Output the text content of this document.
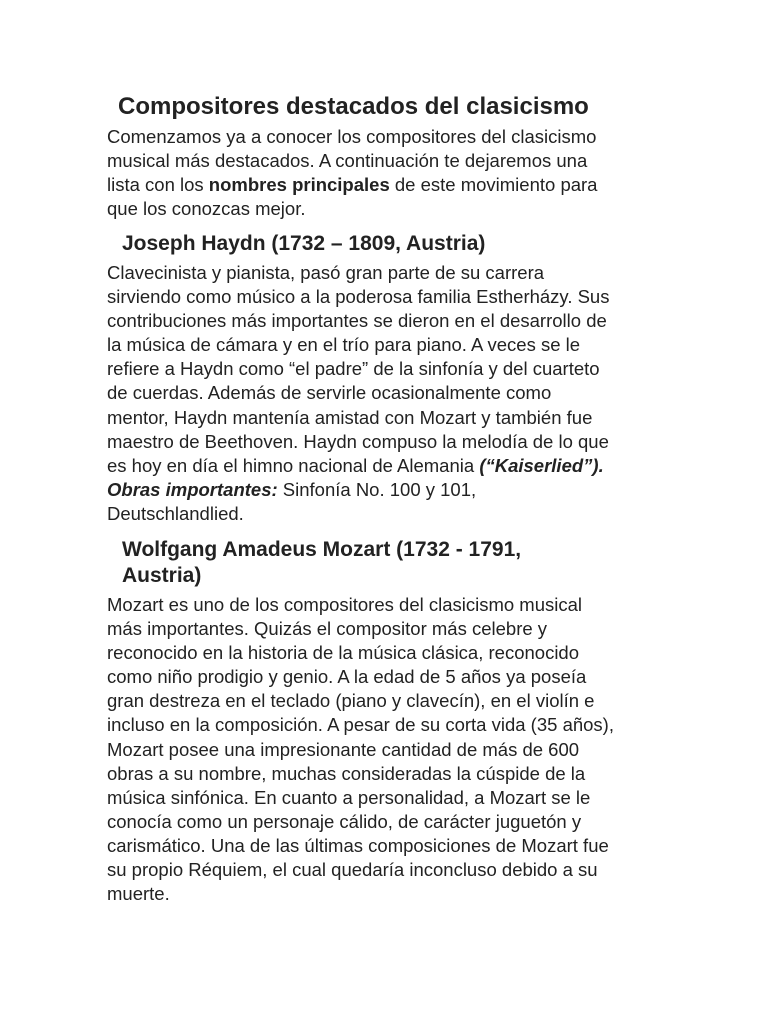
Compositores destacados del clasicismo

Comenzamos ya a conocer los compositores del clasicismo
musical más destacados. A continuación te dejaremos una
lista con los nombres principales de este movimiento para
que los conozcas mejor.

Joseph Haydn (1732 – 1809, Austria)

Clavecinista y pianista, pasó gran parte de su carrera
sirviendo como músico a la poderosa familia Estherházy. Sus
contribuciones más importantes se dieron en el desarrollo de
la música de cámara y en el trío para piano. A veces se le
refiere a Haydn como “el padre” de la sinfonía y del cuarteto
de cuerdas. Además de servirle ocasionalmente como
mentor, Haydn mantenía amistad con Mozart y también fue
maestro de Beethoven. Haydn compuso la melodía de lo que
es hoy en día el himno nacional de Alemania (“Kaiserlied”).
Obras importantes: Sinfonía No. 100 y 101,
Deutschlandlied.

Wolfgang Amadeus Mozart (1732 - 1791,
Austria)

Mozart es uno de los compositores del clasicismo musical
más importantes. Quizás el compositor más celebre y
reconocido en la historia de la música clásica, reconocido
como niño prodigio y genio. A la edad de 5 años ya poseía
gran destreza en el teclado (piano y clavecín), en el violín e
incluso en la composición. A pesar de su corta vida (35 años),
Mozart posee una impresionante cantidad de más de 600
obras a su nombre, muchas consideradas la cúspide de la
música sinfónica. En cuanto a personalidad, a Mozart se le
conocía como un personaje cálido, de carácter juguetón y
carismático. Una de las últimas composiciones de Mozart fue
su propio Réquiem, el cual quedaría inconcluso debido a su
muerte.
